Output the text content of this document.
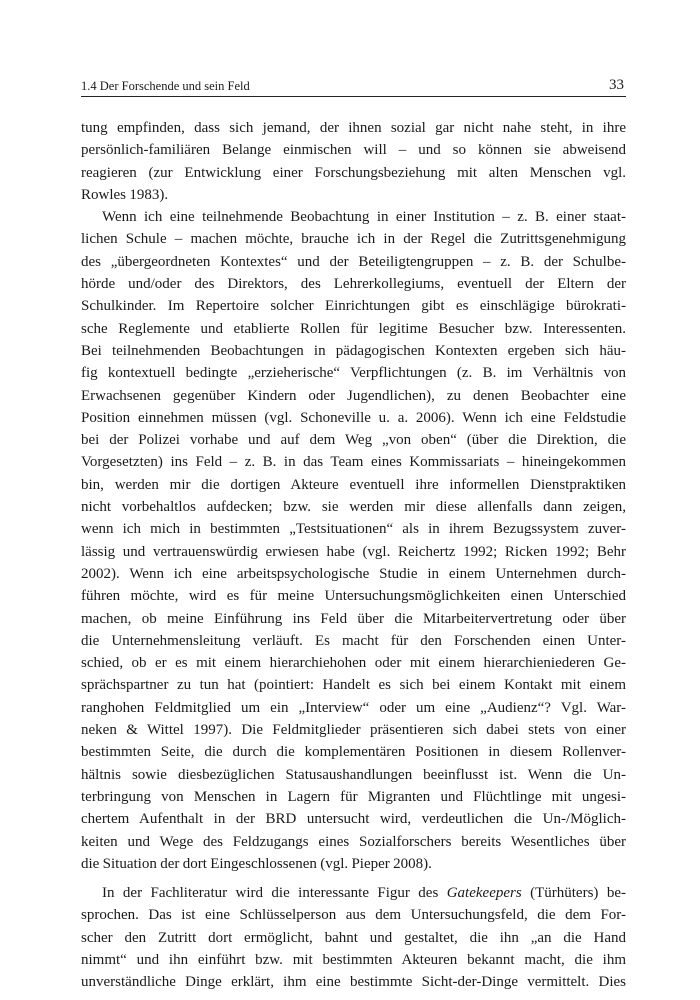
1.4 Der Forschende und sein Feld	33

tung empfinden, dass sich jemand, der ihnen sozial gar nicht nahe steht, in ihre
persönlich-familiären Belange einmischen will – und so können sie abweisend
reagieren (zur Entwicklung einer Forschungsbeziehung mit alten Menschen vgl.
Rowles 1983).

Wenn ich eine teilnehmende Beobachtung in einer Institution – z. B. einer staat-
lichen Schule – machen möchte, brauche ich in der Regel die Zutrittsgenehmigung
des „übergeordneten Kontextes“ und der Beteiligtengruppen – z. B. der Schulbe-
hörde und/oder des Direktors, des Lehrerkollegiums, eventuell der Eltern der
Schulkinder. Im Repertoire solcher Einrichtungen gibt es einschlägige bürokrati-
sche Reglemente und etablierte Rollen für legitime Besucher bzw. Interessenten.
Bei teilnehmenden Beobachtungen in pädagogischen Kontexten ergeben sich häu-
fig kontextuell bedingte „erzieherische“ Verpflichtungen (z. B. im Verhältnis von
Erwachsenen gegenüber Kindern oder Jugendlichen), zu denen Beobachter eine
Position einnehmen müssen (vgl. Schoneville u. a. 2006). Wenn ich eine Feldstudie
bei der Polizei vorhabe und auf dem Weg „von oben“ (über die Direktion, die
Vorgesetzten) ins Feld – z. B. in das Team eines Kommissariats – hineingekommen
bin, werden mir die dortigen Akteure eventuell ihre informellen Dienstpraktiken
nicht vorbehaltlos aufdecken; bzw. sie werden mir diese allenfalls dann zeigen,
wenn ich mich in bestimmten „Testsituationen“ als in ihrem Bezugssystem zuver-
lässig und vertrauenswürdig erwiesen habe (vgl. Reichertz 1992; Ricken 1992; Behr
2002). Wenn ich eine arbeitspsychologische Studie in einem Unternehmen durch-
führen möchte, wird es für meine Untersuchungsmöglichkeiten einen Unterschied
machen, ob meine Einführung ins Feld über die Mitarbeitervertretung oder über
die Unternehmensleitung verläuft. Es macht für den Forschenden einen Unter-
schied, ob er es mit einem hierarchiehohen oder mit einem hierarchieniederen Ge-
sprächspartner zu tun hat (pointiert: Handelt es sich bei einem Kontakt mit einem
ranghohen Feldmitglied um ein „Interview“ oder um eine „Audienz“? Vgl. War-
neken & Wittel 1997). Die Feldmitglieder präsentieren sich dabei stets von einer
bestimmten Seite, die durch die komplementären Positionen in diesem Rollenver-
hältnis sowie diesbezüglichen Statusaushandlungen beeinflusst ist. Wenn die Un-
terbringung von Menschen in Lagern für Migranten und Flüchtlinge mit ungesi-
chertem Aufenthalt in der BRD untersucht wird, verdeutlichen die Un-/Möglich-
keiten und Wege des Feldzugangs eines Sozialforschers bereits Wesentliches über
die Situation der dort Eingeschlossenen (vgl. Pieper 2008).

In der Fachliteratur wird die interessante Figur des Gatekeepers (Türhüters) be-
sprochen. Das ist eine Schlüsselperson aus dem Untersuchungsfeld, die dem For-
scher den Zutritt dort ermöglicht, bahnt und gestaltet, die ihn „an die Hand
nimmt“ und ihn einführt bzw. mit bestimmten Akteuren bekannt macht, die ihm
unverständliche Dinge erklärt, ihm eine bestimmte Sicht-der-Dinge vermittelt. Dies
